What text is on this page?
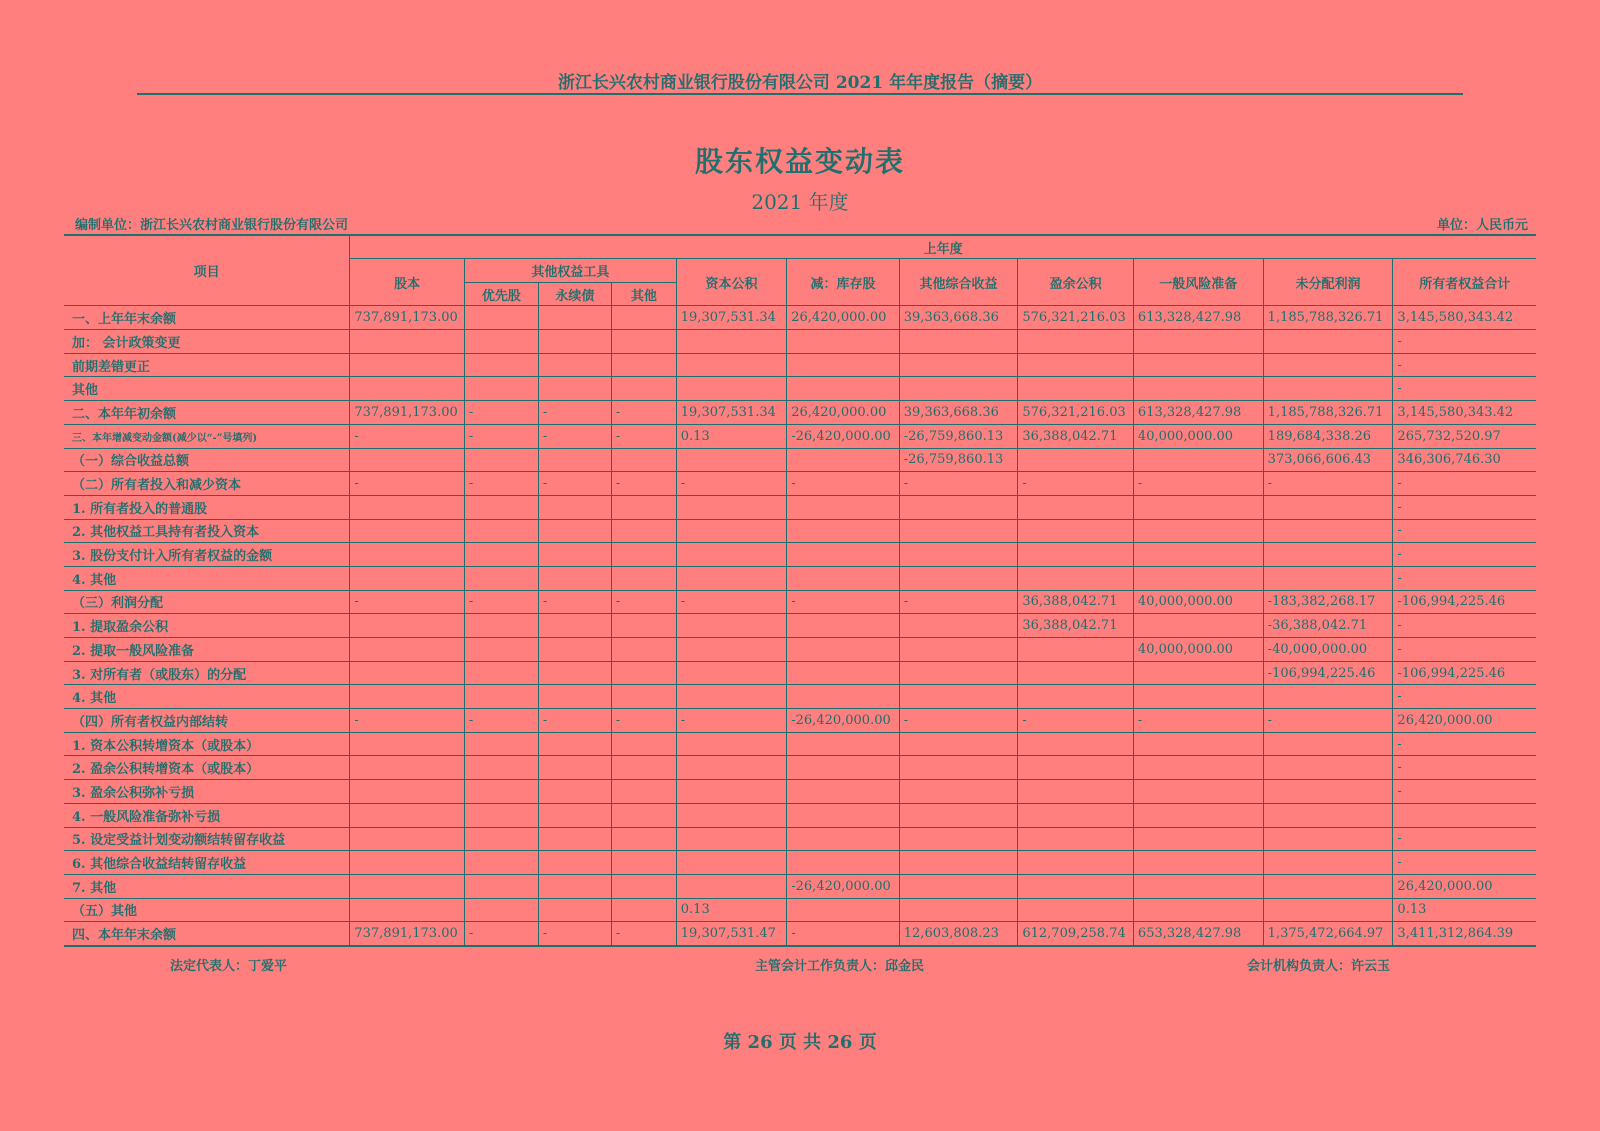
浙江长兴农村商业银行股份有限公司 2021 年年度报告（摘要）
股东权益变动表
2021 年度
编制单位：浙江长兴农村商业银行股份有限公司	单位：人民币元
项目	上年度										
	股本	其他权益工具			资本公积	减：库存股	其他综合收益	盈余公积	一般风险准备	未分配利润	所有者权益合计
		优先股	永续债	其他							
一、上年年末余额	737,891,173.00				19,307,531.34	26,420,000.00	39,363,668.36	576,321,216.03	613,328,427.98	1,185,788,326.71	3,145,580,343.42
加： 会计政策变更											-
前期差错更正											-
其他											-
二、本年年初余额	737,891,173.00	-	-	-	19,307,531.34	26,420,000.00	39,363,668.36	576,321,216.03	613,328,427.98	1,185,788,326.71	3,145,580,343.42
三、本年增减变动金额(减少以“-”号填列)	-	-	-	-	0.13	-26,420,000.00	-26,759,860.13	36,388,042.71	40,000,000.00	189,684,338.26	265,732,520.97
（一）综合收益总额							-26,759,860.13			373,066,606.43	346,306,746.30
（二）所有者投入和减少资本	-	-	-	-	-	-	-	-	-	-	-
1. 所有者投入的普通股											-
2. 其他权益工具持有者投入资本											-
3. 股份支付计入所有者权益的金额											-
4. 其他											-
（三）利润分配	-	-	-	-	-	-	-	36,388,042.71	40,000,000.00	-183,382,268.17	-106,994,225.46
1. 提取盈余公积								36,388,042.71		-36,388,042.71	-
2. 提取一般风险准备									40,000,000.00	-40,000,000.00	-
3. 对所有者（或股东）的分配										-106,994,225.46	-106,994,225.46
4. 其他											-
（四）所有者权益内部结转	-	-	-	-	-	-26,420,000.00	-	-	-	-	26,420,000.00
1. 资本公积转增资本（或股本）											-
2. 盈余公积转增资本（或股本）											-
3. 盈余公积弥补亏损											-
4. 一般风险准备弥补亏损											
5. 设定受益计划变动额结转留存收益											-
6. 其他综合收益结转留存收益											-
7. 其他						-26,420,000.00					26,420,000.00
（五）其他					0.13						0.13
四、本年年末余额	737,891,173.00	-	-	-	19,307,531.47	-	12,603,808.23	612,709,258.74	653,328,427.98	1,375,472,664.97	3,411,312,864.39
法定代表人：丁爱平	主管会计工作负责人：邱金民	会计机构负责人：许云玉
第 26 页 共 26 页
